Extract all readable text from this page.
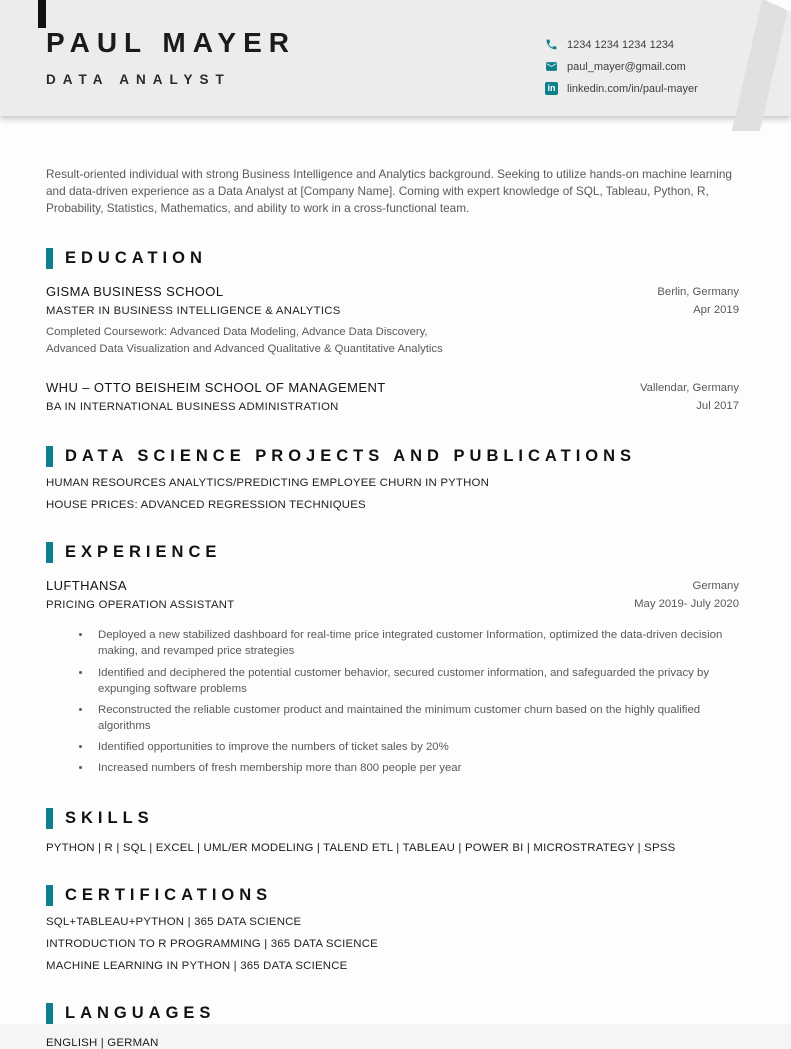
PAUL MAYER
DATA ANALYST
1234 1234 1234 1234
paul_mayer@gmail.com
in linkedin.com/in/paul-mayer

Result-oriented individual with strong Business Intelligence and Analytics background. Seeking to utilize hands-on machine learning and data-driven experience as a Data Analyst at [Company Name]. Coming with expert knowledge of SQL, Tableau, Python, R, Probability, Statistics, Mathematics, and ability to work in a cross-functional team.

EDUCATION
GISMA BUSINESS SCHOOL
MASTER IN BUSINESS INTELLIGENCE & ANALYTICS
Completed Coursework: Advanced Data Modeling, Advance Data Discovery, Advanced Data Visualization and Advanced Qualitative & Quantitative Analytics
Berlin, Germany
Apr 2019
WHU – OTTO BEISHEIM SCHOOL OF MANAGEMENT
BA IN INTERNATIONAL BUSINESS ADMINISTRATION
Vallendar, Germany
Jul 2017
DATA SCIENCE PROJECTS AND PUBLICATIONS
HUMAN RESOURCES ANALYTICS/PREDICTING EMPLOYEE CHURN IN PYTHON
HOUSE PRICES: ADVANCED REGRESSION TECHNIQUES
EXPERIENCE
LUFTHANSA
PRICING OPERATION ASSISTANT
Germany
May 2019- July 2020
• Deployed a new stabilized dashboard for real-time price integrated customer Information, optimized the data-driven decision making, and revamped price strategies
• Identified and deciphered the potential customer behavior, secured customer information, and safeguarded the privacy by expunging software problems
• Reconstructed the reliable customer product and maintained the minimum customer churn based on the highly qualified algorithms
• Identified opportunities to improve the numbers of ticket sales by 20%
• Increased numbers of fresh membership more than 800 people per year
SKILLS
PYTHON | R | SQL | EXCEL | UML/ER MODELING | TALEND ETL | TABLEAU | POWER BI | MICROSTRATEGY | SPSS
CERTIFICATIONS
SQL+TABLEAU+PYTHON | 365 DATA SCIENCE
INTRODUCTION TO R PROGRAMMING | 365 DATA SCIENCE
MACHINE LEARNING IN PYTHON | 365 DATA SCIENCE
LANGUAGES
ENGLISH | GERMAN
